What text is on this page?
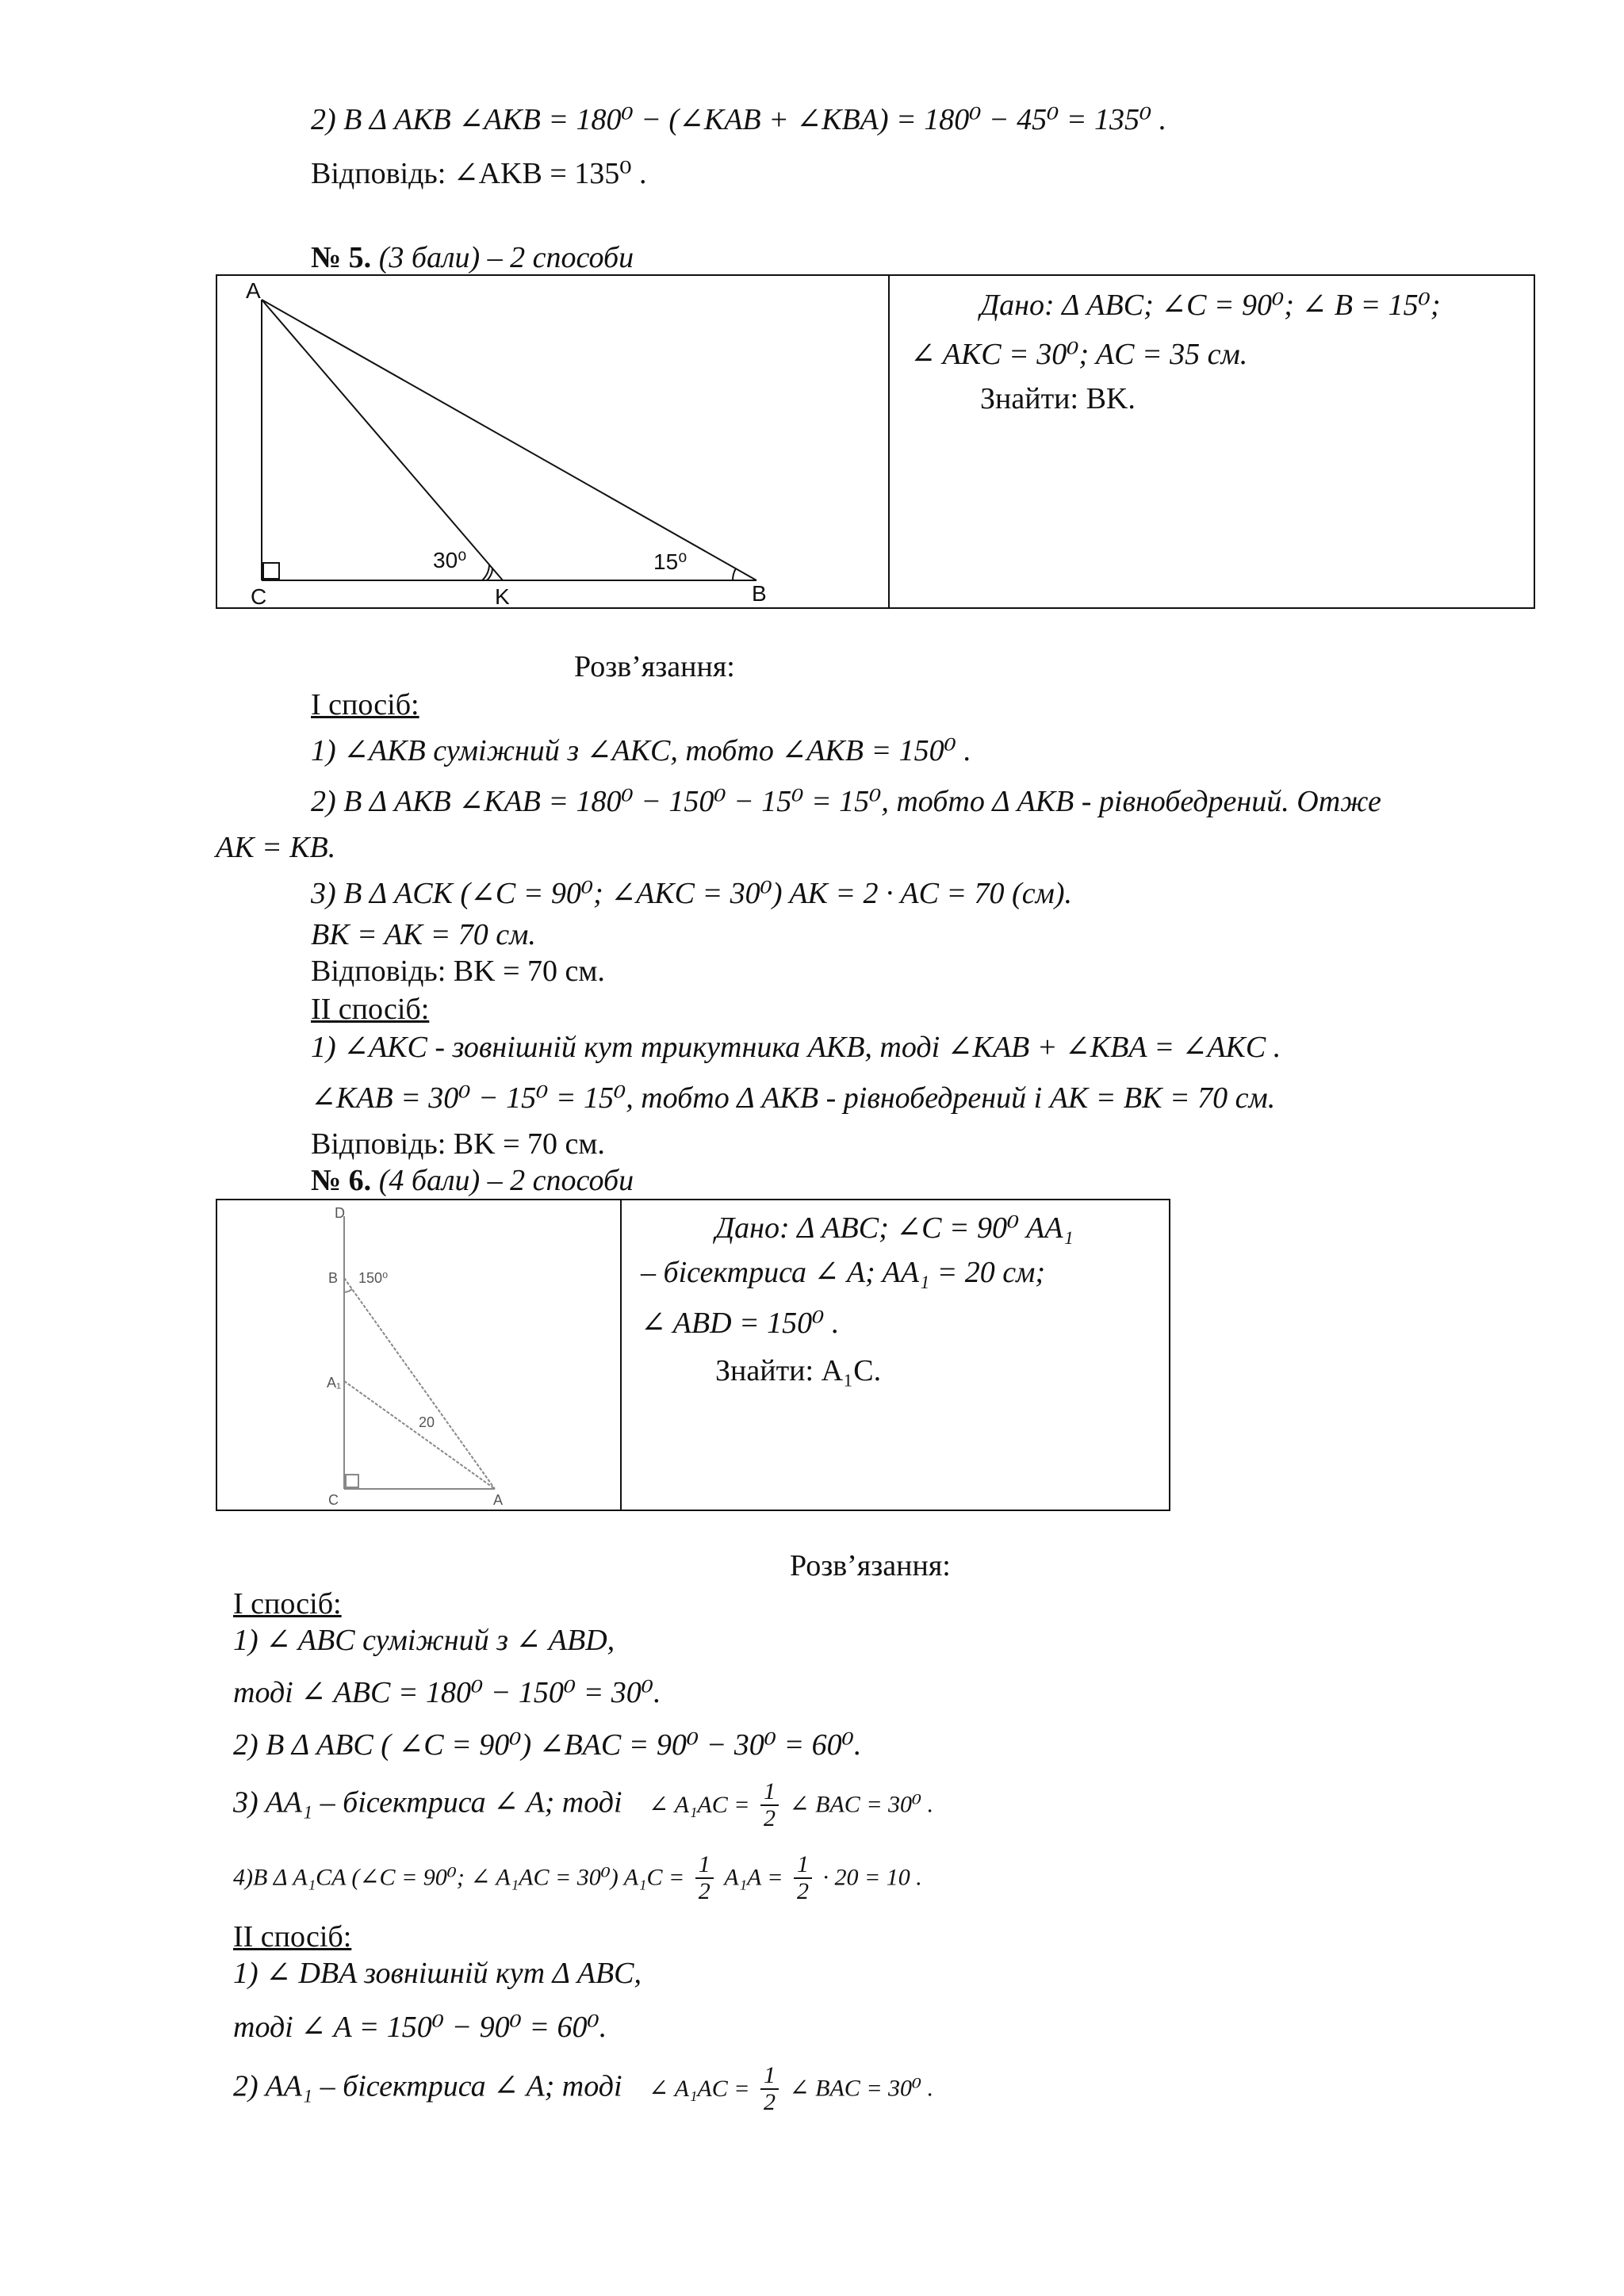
2) В Δ AKB ∠AKB = 180⁰ − (∠KAB + ∠KBA) = 180⁰ − 45⁰ = 135⁰ .
Відповідь: ∠AKB = 135⁰ .
№ 5. (3 бали) – 2 способи
A
C	K	B
30⁰	15⁰
Дано: Δ ABC; ∠C = 90⁰; ∠ B = 15⁰;
∠ AKC = 30⁰; AC = 35 см.
Знайти: BK.
Розв’язання:
І спосіб:
1) ∠AKB суміжний з ∠AKC, тобто ∠AKB = 150⁰ .
2) В Δ AKB ∠KAB = 180⁰ − 150⁰ − 15⁰ = 15⁰, тобто Δ AKB - рівнобедрений. Отже
AK = KB.
3) В Δ ACK (∠C = 90⁰; ∠AKC = 30⁰) AK = 2 · AC = 70 (см).
BK = AK = 70 см.
Відповідь: BK = 70 см.
ІІ спосіб:
1) ∠AKC - зовнішній кут трикутника AKB, тоді ∠KAB + ∠KBA = ∠AKC .
∠KAB = 30⁰ − 15⁰ = 15⁰, тобто Δ AKB - рівнобедрений і AK = BK = 70 см.
Відповідь: BK = 70 см.
№ 6. (4 бали) – 2 способи
D
B
A₁
C	A
150⁰
20
Дано: Δ ABC; ∠C = 90⁰ AA₁
– бісектриса ∠ A; AA₁ = 20 см;
∠ ABD = 150⁰ .
Знайти: A₁C.
Розв’язання:
І спосіб:
1) ∠ ABC суміжний з ∠ ABD,
тоді ∠ ABC = 180⁰ − 150⁰ = 30⁰.
2) В Δ ABC ( ∠C = 90⁰) ∠BAC = 90⁰ − 30⁰ = 60⁰.
3) AA₁ – бісектриса ∠ A; тоді ∠ $A_1AC = \frac{1}{2}$ ∠ BAC = 30⁰ .
4)В Δ A₁CA (∠C = 90⁰; ∠ A₁AC = 30⁰) $A_1C = \frac{1}{2} A_1A = \frac{1}{2} \cdot 20 = 10$ .
ІІ спосіб:
1) ∠ DBA зовнішній кут Δ ABC,
тоді ∠ A = 150⁰ − 90⁰ = 60⁰.
2) AA₁ – бісектриса ∠ A; тоді ∠ $A_1AC = \frac{1}{2}$ ∠ BAC = 30⁰ .
